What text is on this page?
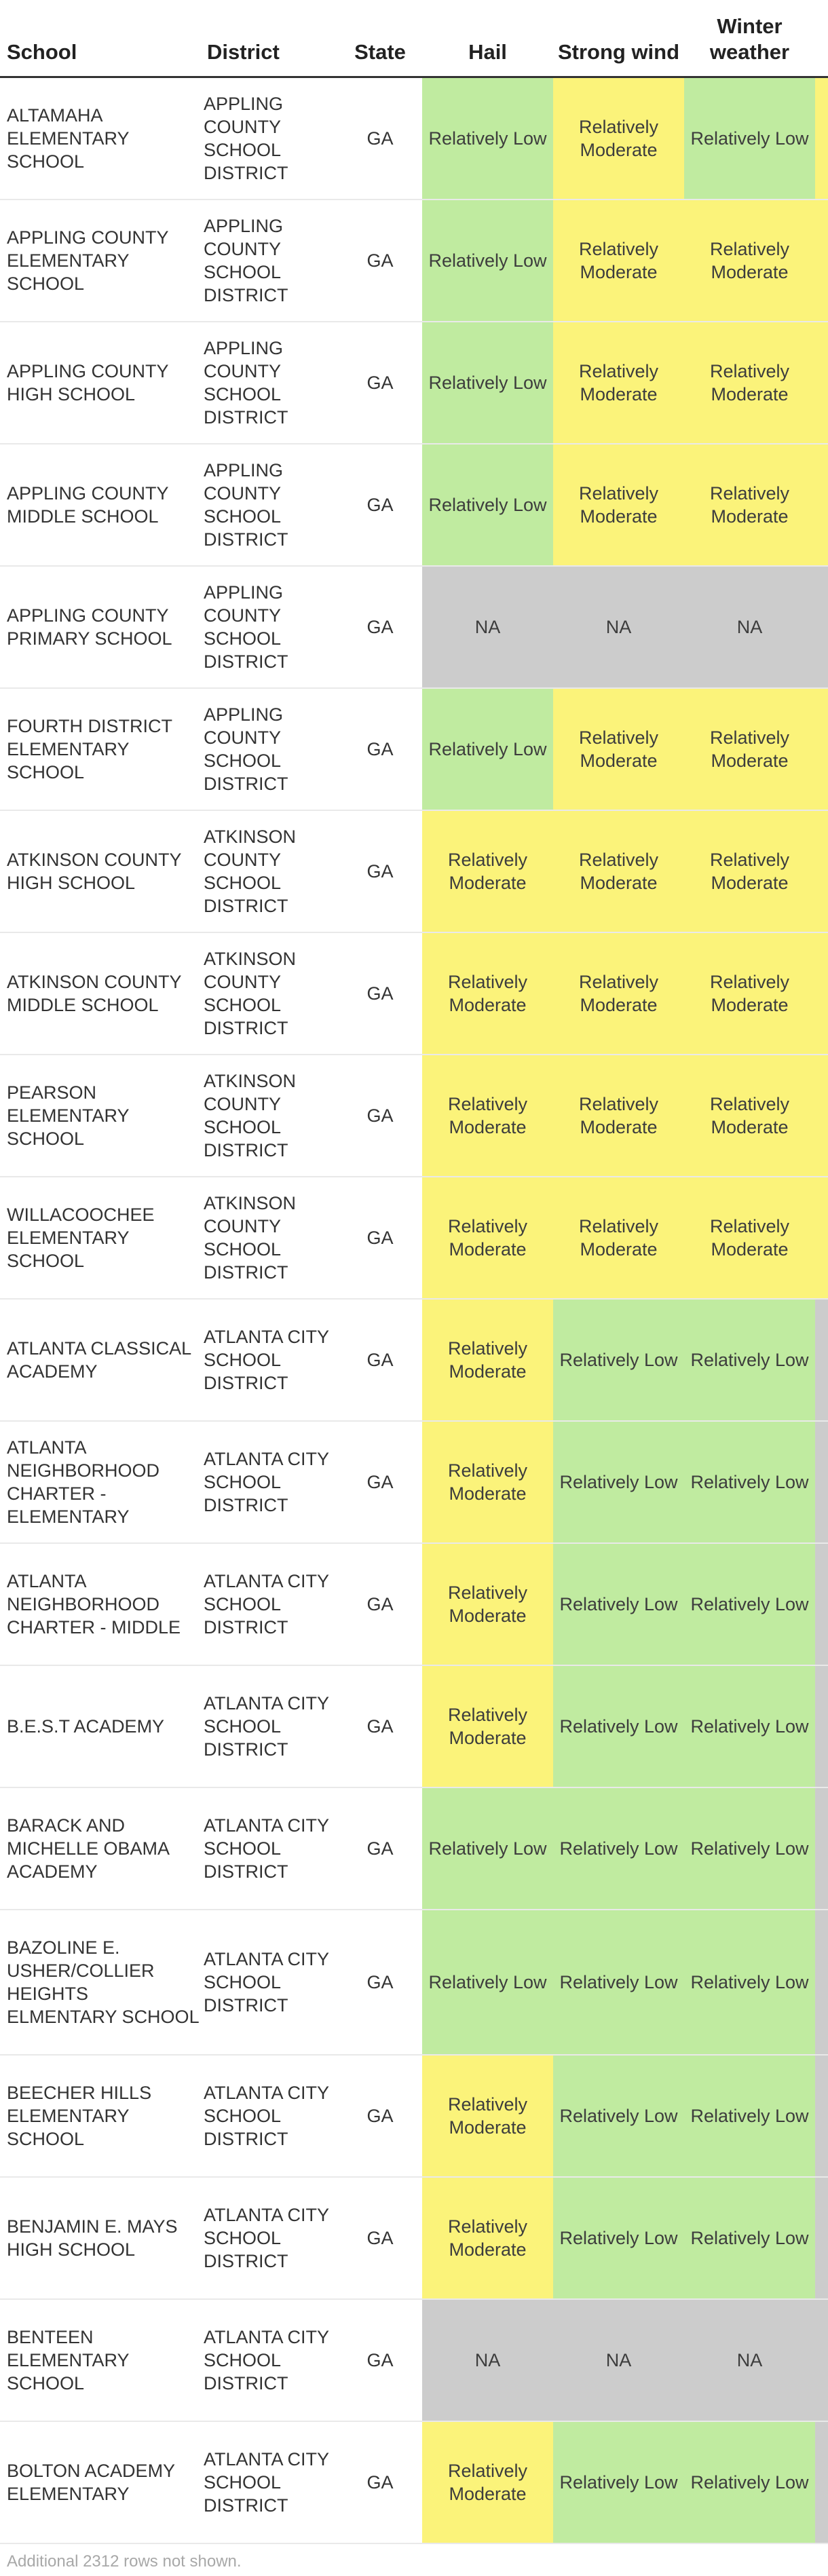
School	District	State	Hail	Strong wind	Winter weather	
ALTAMAHA ELEMENTARY SCHOOL	APPLING COUNTY SCHOOL DISTRICT	GA	Relatively Low	Relatively Moderate	Relatively Low	
APPLING COUNTY ELEMENTARY SCHOOL	APPLING COUNTY SCHOOL DISTRICT	GA	Relatively Low	Relatively Moderate	Relatively Moderate	
APPLING COUNTY HIGH SCHOOL	APPLING COUNTY SCHOOL DISTRICT	GA	Relatively Low	Relatively Moderate	Relatively Moderate	
APPLING COUNTY MIDDLE SCHOOL	APPLING COUNTY SCHOOL DISTRICT	GA	Relatively Low	Relatively Moderate	Relatively Moderate	
APPLING COUNTY PRIMARY SCHOOL	APPLING COUNTY SCHOOL DISTRICT	GA	NA	NA	NA	
FOURTH DISTRICT ELEMENTARY SCHOOL	APPLING COUNTY SCHOOL DISTRICT	GA	Relatively Low	Relatively Moderate	Relatively Moderate	
ATKINSON COUNTY HIGH SCHOOL	ATKINSON COUNTY SCHOOL DISTRICT	GA	Relatively Moderate	Relatively Moderate	Relatively Moderate	
ATKINSON COUNTY MIDDLE SCHOOL	ATKINSON COUNTY SCHOOL DISTRICT	GA	Relatively Moderate	Relatively Moderate	Relatively Moderate	
PEARSON ELEMENTARY SCHOOL	ATKINSON COUNTY SCHOOL DISTRICT	GA	Relatively Moderate	Relatively Moderate	Relatively Moderate	
WILLACOOCHEE ELEMENTARY SCHOOL	ATKINSON COUNTY SCHOOL DISTRICT	GA	Relatively Moderate	Relatively Moderate	Relatively Moderate	
ATLANTA CLASSICAL ACADEMY	ATLANTA CITY SCHOOL DISTRICT	GA	Relatively Moderate	Relatively Low	Relatively Low	
ATLANTA NEIGHBORHOOD CHARTER - ELEMENTARY	ATLANTA CITY SCHOOL DISTRICT	GA	Relatively Moderate	Relatively Low	Relatively Low	
ATLANTA NEIGHBORHOOD CHARTER - MIDDLE	ATLANTA CITY SCHOOL DISTRICT	GA	Relatively Moderate	Relatively Low	Relatively Low	
B.E.S.T ACADEMY	ATLANTA CITY SCHOOL DISTRICT	GA	Relatively Moderate	Relatively Low	Relatively Low	
BARACK AND MICHELLE OBAMA ACADEMY	ATLANTA CITY SCHOOL DISTRICT	GA	Relatively Low	Relatively Low	Relatively Low	
BAZOLINE E. USHER/COLLIER HEIGHTS ELMENTARY SCHOOL	ATLANTA CITY SCHOOL DISTRICT	GA	Relatively Low	Relatively Low	Relatively Low	
BEECHER HILLS ELEMENTARY SCHOOL	ATLANTA CITY SCHOOL DISTRICT	GA	Relatively Moderate	Relatively Low	Relatively Low	
BENJAMIN E. MAYS HIGH SCHOOL	ATLANTA CITY SCHOOL DISTRICT	GA	Relatively Moderate	Relatively Low	Relatively Low	
BENTEEN ELEMENTARY SCHOOL	ATLANTA CITY SCHOOL DISTRICT	GA	NA	NA	NA	
BOLTON ACADEMY ELEMENTARY	ATLANTA CITY SCHOOL DISTRICT	GA	Relatively Moderate	Relatively Low	Relatively Low	
Additional 2312 rows not shown.
